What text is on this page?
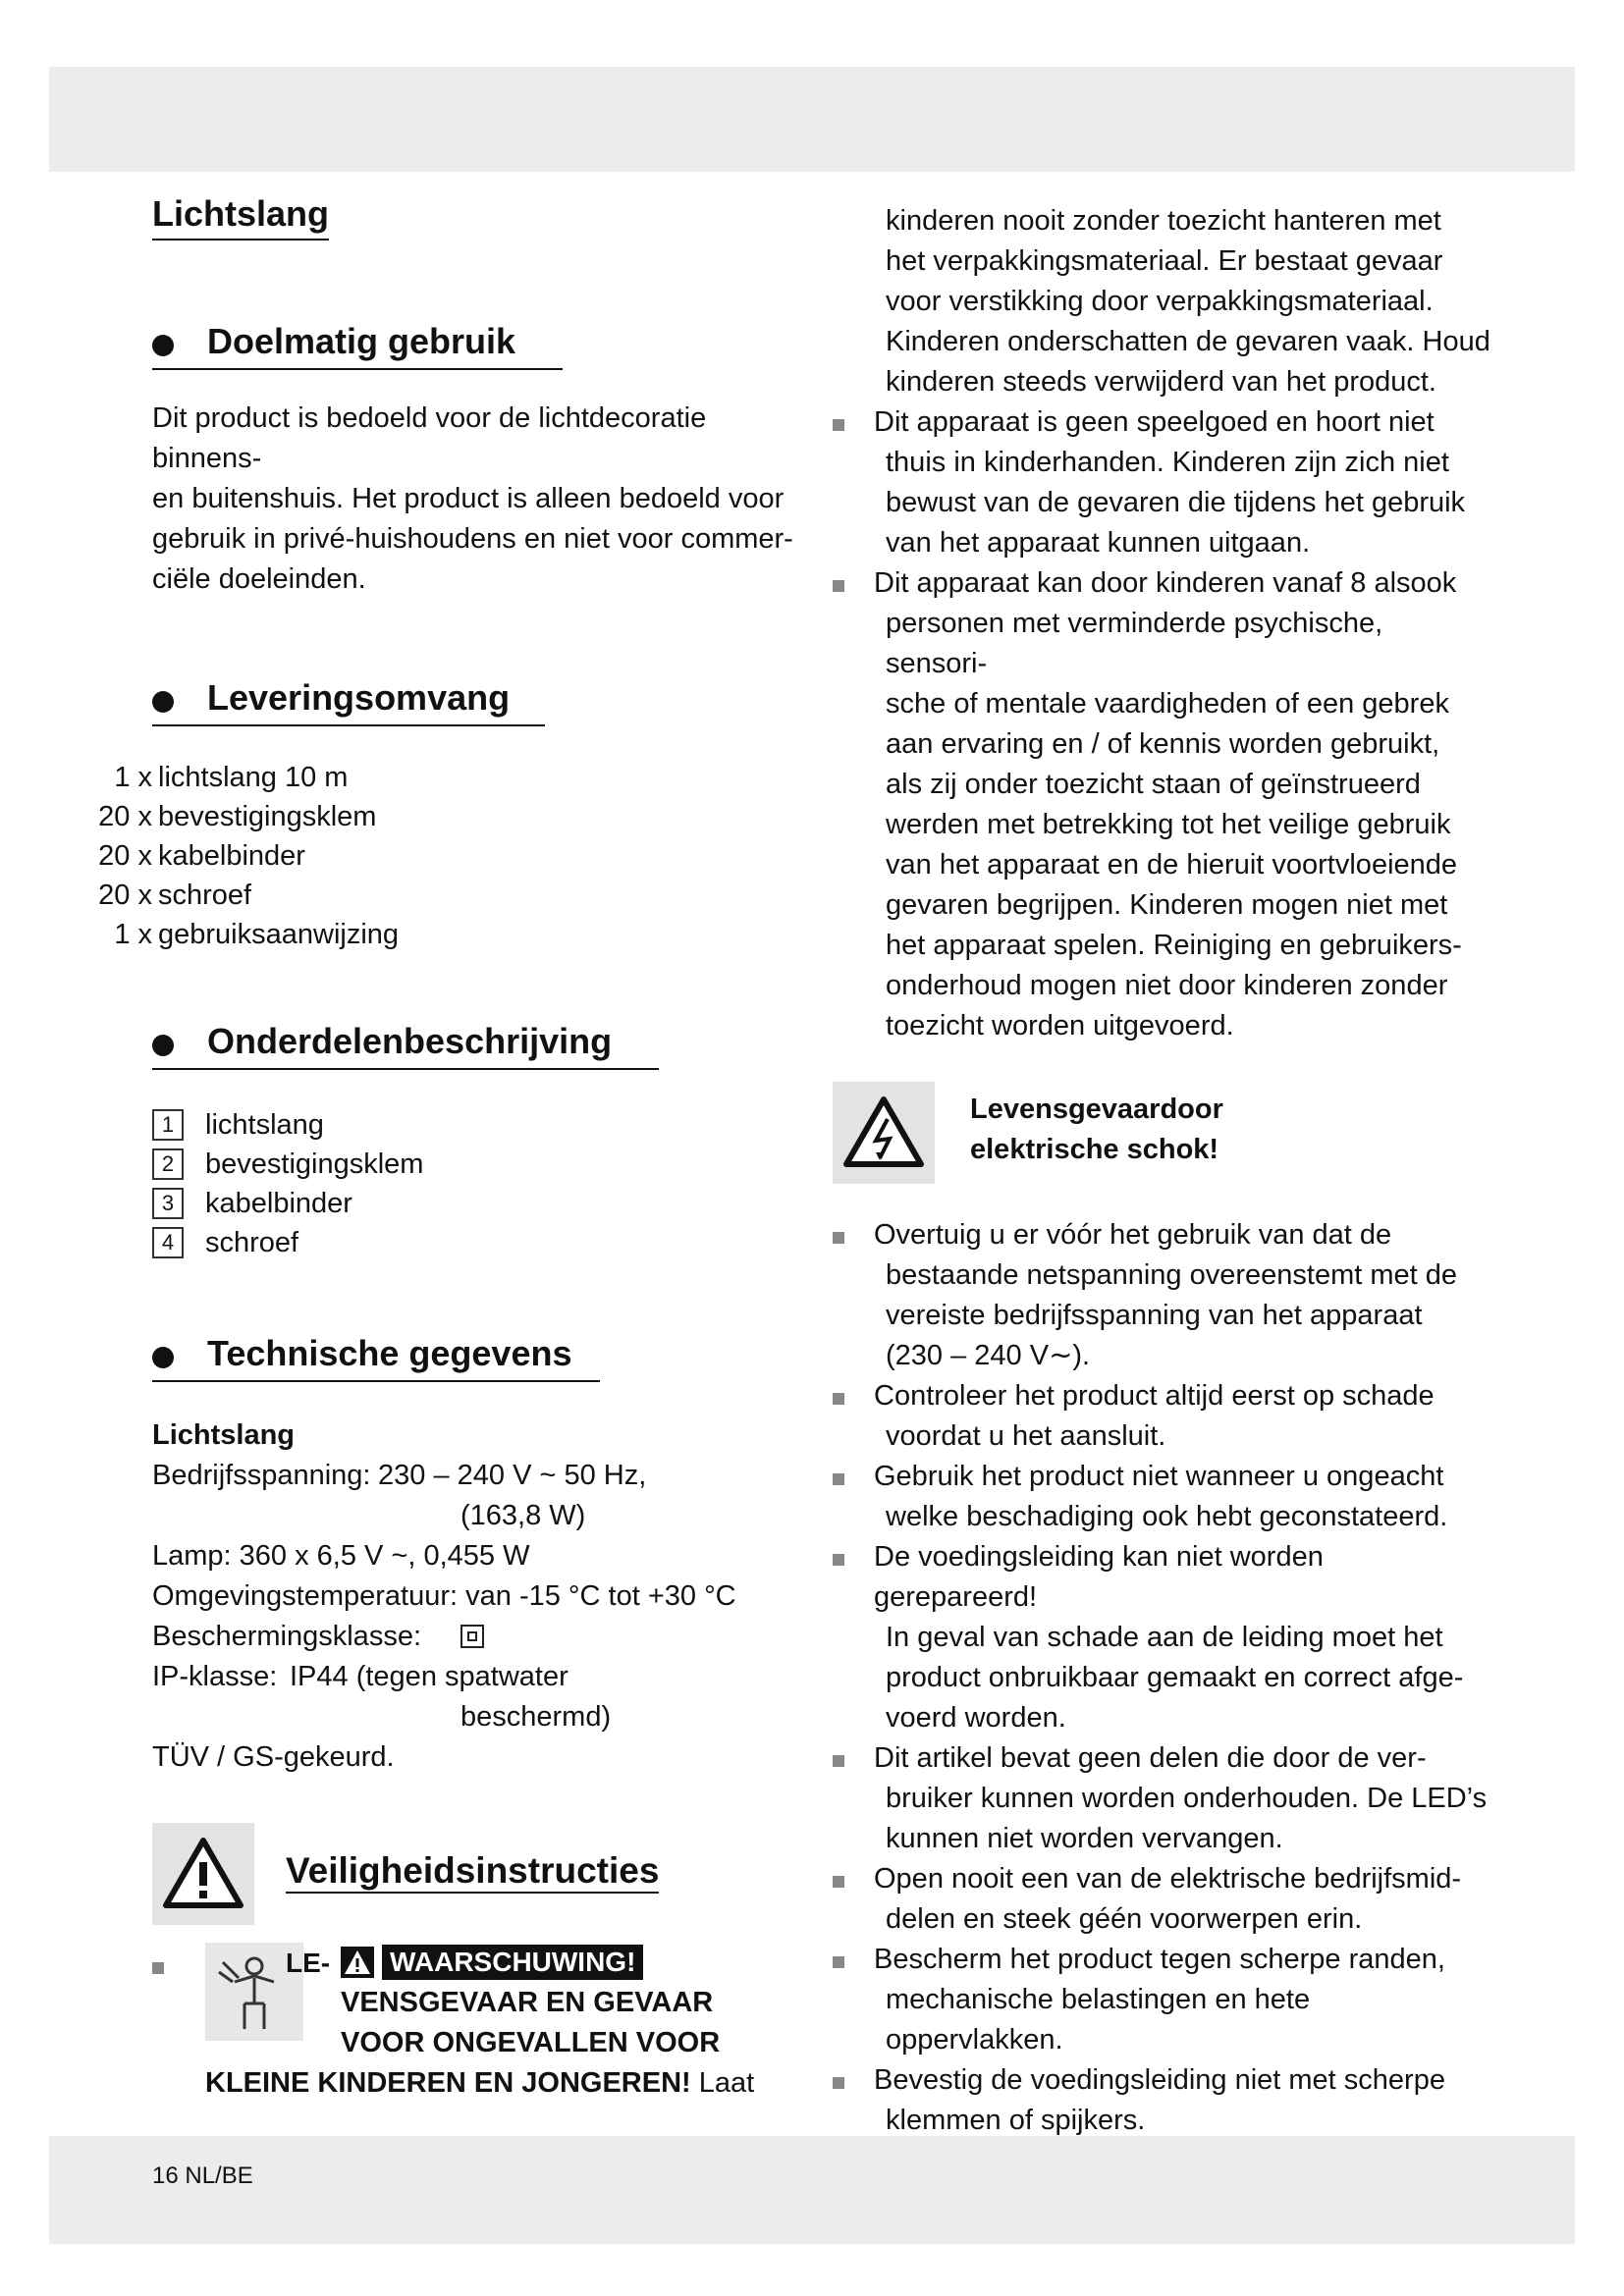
Lichtslang
Doelmatig gebruik

Dit product is bedoeld voor de lichtdecoratie binnens-

en buitenshuis. Het product is alleen bedoeld voor

gebruik in privé-huishoudens en niet voor commer-

ciële doeleinden.

Leveringsomvang
1 x lichtslang 10 m
20 x bevestigingsklem
20 x kabelbinder
20 x schroef
1 x gebruiksaanwijzing
Onderdelenbeschrijving
1	lichtslang
2	bevestigingsklem
3	kabelbinder
4	schroef
Technische gegevens
Lichtslang
Bedrijfsspanning: 230 – 240 V ~ 50 Hz,
(163,8 W)
Lamp: 360 x 6,5 V ~, 0,455 W
Omgevingstemperatuur: van -15 °C tot +30 °C
Beschermingsklasse:
IP-klasse: IP44 (tegen spatwater
beschermd)
TÜV / GS-gekeurd.
Veiligheidsinstructies
LE- WAARSCHUWING!
VENSGEVAAR EN GEVAAR
VOOR ONGEVALLEN VOOR
KLEINE KINDEREN EN JONGEREN! Laat

kinderen nooit zonder toezicht hanteren met

het verpakkingsmateriaal. Er bestaat gevaar

voor verstikking door verpakkingsmateriaal.

Kinderen onderschatten de gevaren vaak. Houd

kinderen steeds verwijderd van het product.

Dit apparaat is geen speelgoed en hoort niet
thuis in kinderhanden. Kinderen zijn zich niet
bewust van de gevaren die tijdens het gebruik
van het apparaat kunnen uitgaan.
Dit apparaat kan door kinderen vanaf 8 alsook
personen met verminderde psychische, sensori-
sche of mentale vaardigheden of een gebrek
aan ervaring en / of kennis worden gebruikt,
als zij onder toezicht staan of geïnstrueerd
werden met betrekking tot het veilige gebruik
van het apparaat en de hieruit voortvloeiende
gevaren begrijpen. Kinderen mogen niet met
het apparaat spelen. Reiniging en gebruikers-
onderhoud mogen niet door kinderen zonder
toezicht worden uitgevoerd.
Levensgevaardoor
elektrische schok!
Overtuig u er vóór het gebruik van dat de
bestaande netspanning overeenstemt met de
vereiste bedrijfsspanning van het apparaat
(230 – 240 V∼).
Controleer het product altijd eerst op schade
voordat u het aansluit.
Gebruik het product niet wanneer u ongeacht
welke beschadiging ook hebt geconstateerd.
De voedingsleiding kan niet worden gerepareerd!
In geval van schade aan de leiding moet het
product onbruikbaar gemaakt en correct afge-
voerd worden.
Dit artikel bevat geen delen die door de ver-
bruiker kunnen worden onderhouden. De LED’s
kunnen niet worden vervangen.
Open nooit een van de elektrische bedrijfsmid-
delen en steek géén voorwerpen erin.
Bescherm het product tegen scherpe randen,
mechanische belastingen en hete oppervlakken.
Bevestig de voedingsleiding niet met scherpe
klemmen of spijkers.
16 NL/BE
